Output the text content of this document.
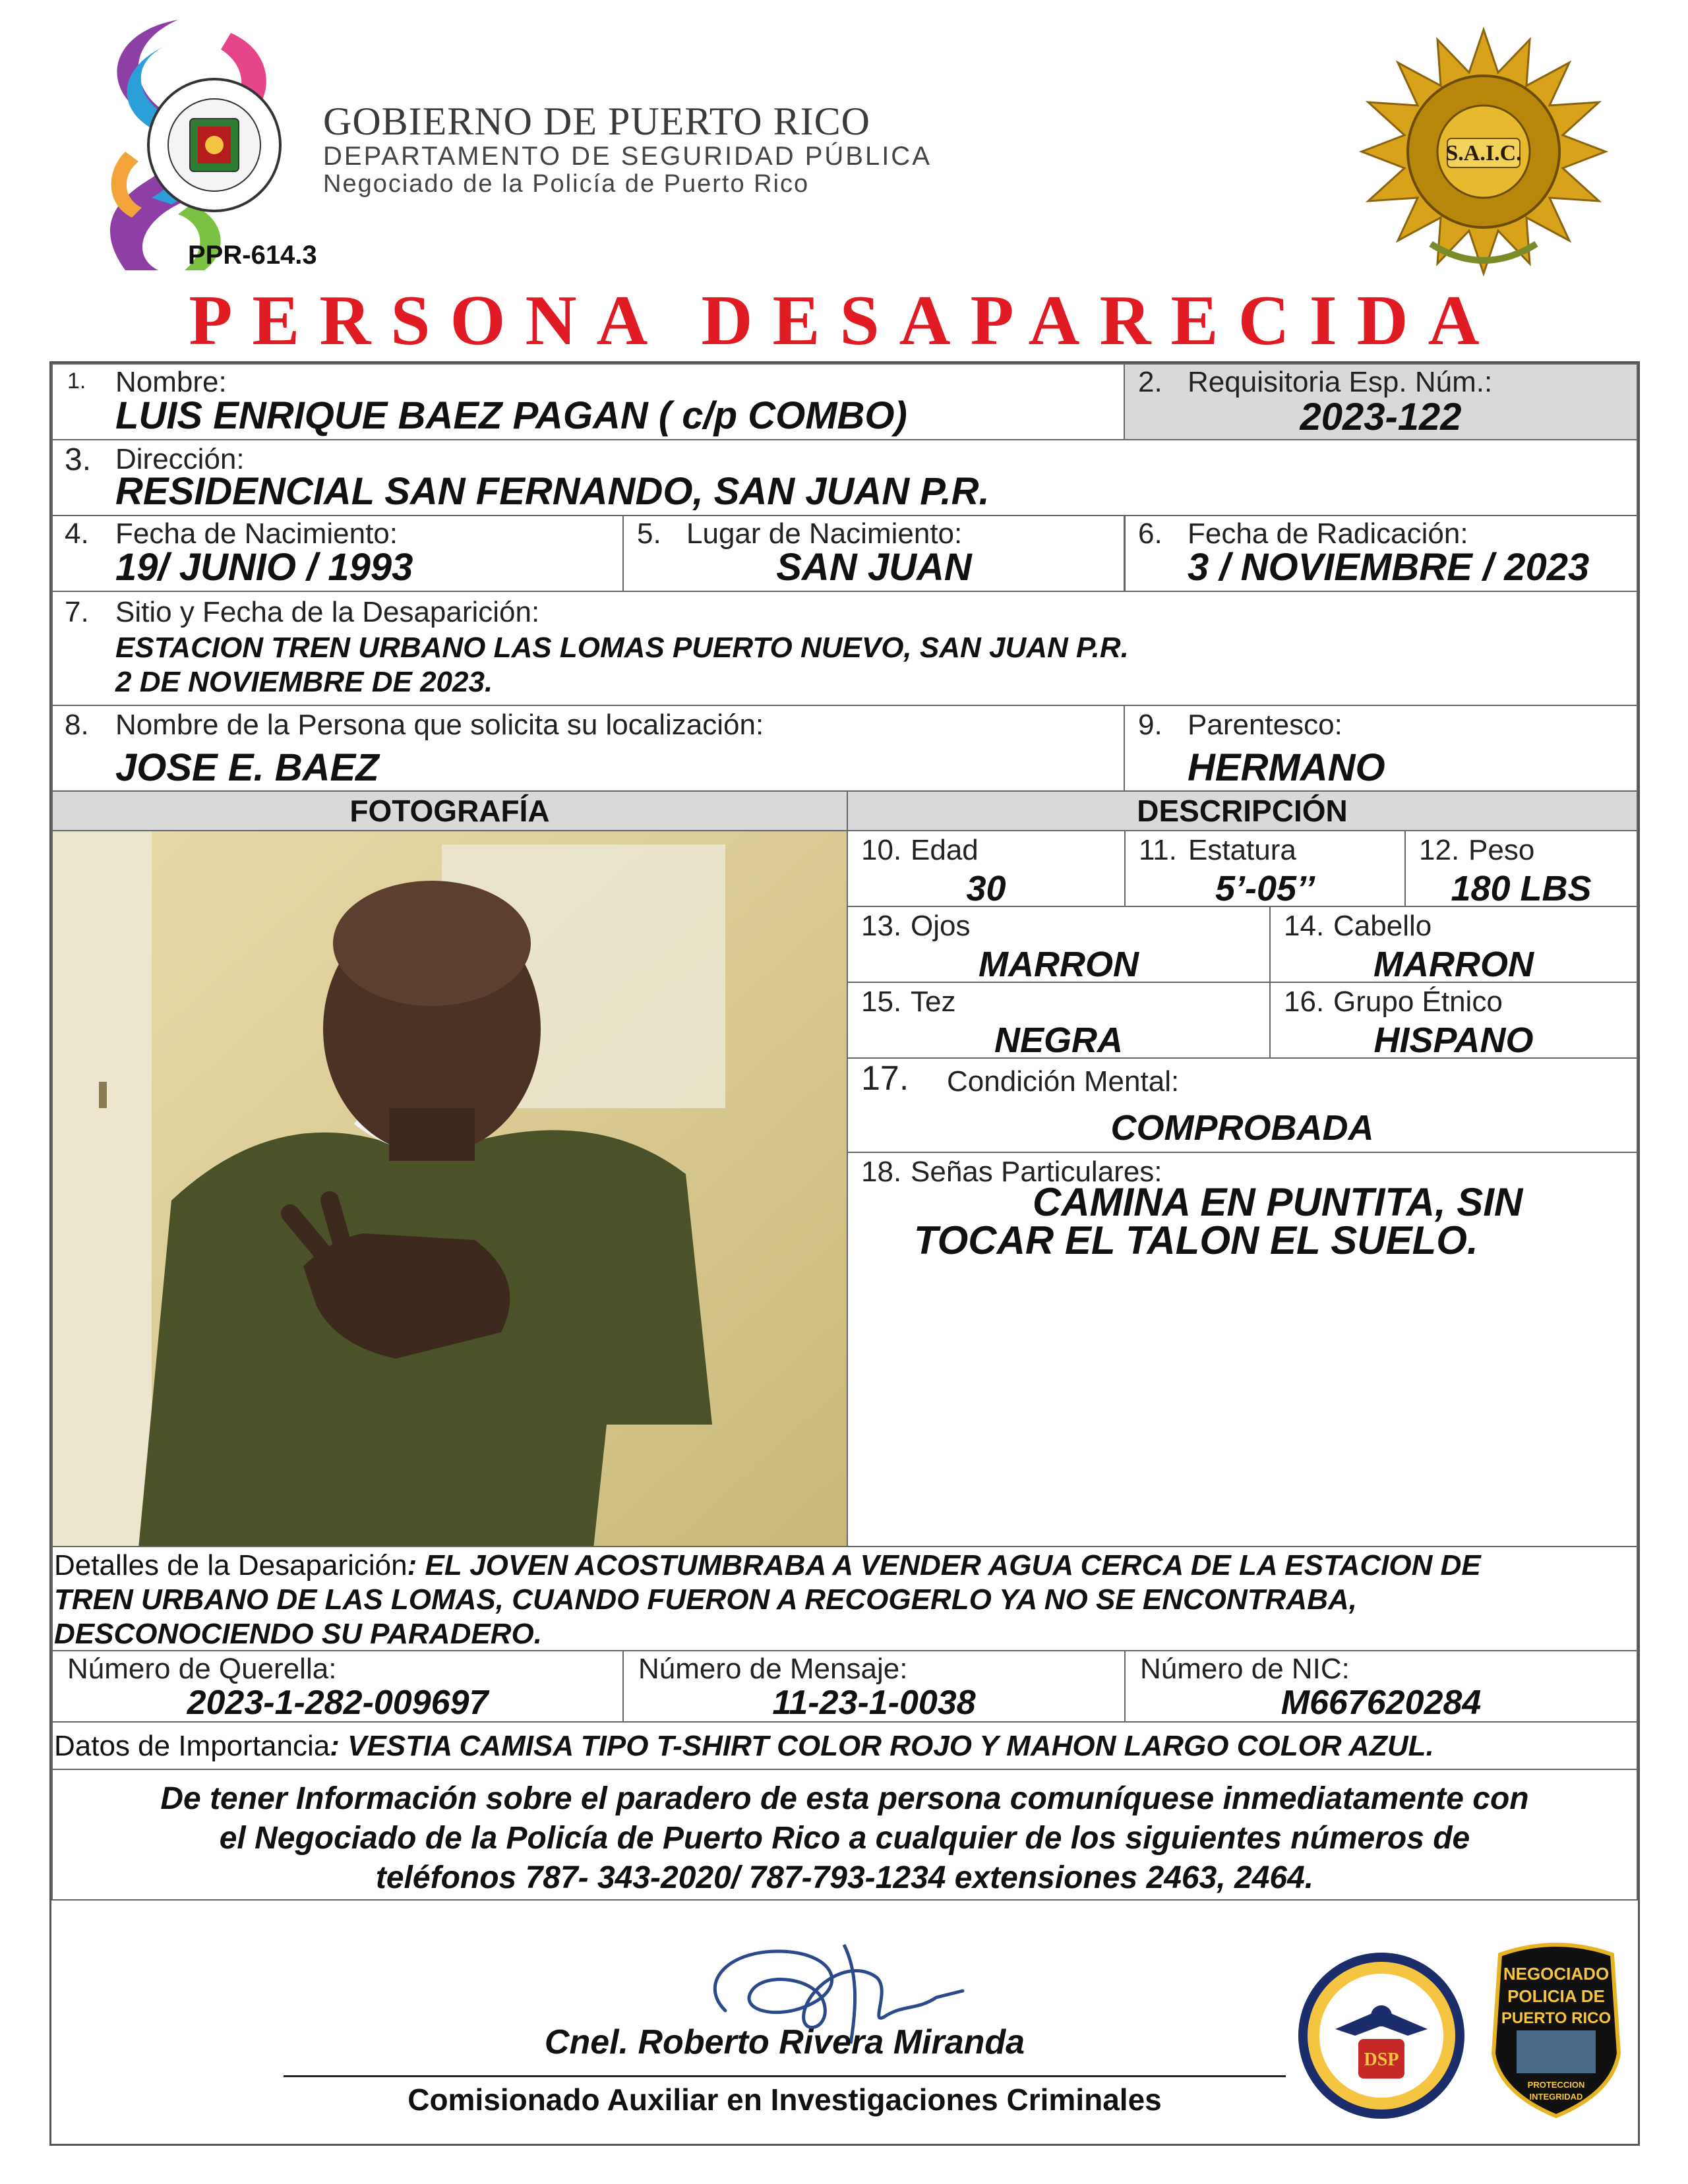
GOBIERNO DE PUERTO RICO
DEPARTAMENTO DE SEGURIDAD PÚBLICA
Negociado de la Policía de Puerto Rico
S.A.I.C.
PPR-614.3
PERSONA DESAPARECIDA
1. Nombre:
LUIS ENRIQUE BAEZ PAGAN ( c/p COMBO)
2. Requisitoria Esp. Núm.:
2023-122
3. Dirección:
RESIDENCIAL SAN FERNANDO, SAN JUAN P.R.
4. Fecha de Nacimiento:
19/ JUNIO / 1993
5. Lugar de Nacimiento:
SAN JUAN
6. Fecha de Radicación:
3 / NOVIEMBRE / 2023
7. Sitio y Fecha de la Desaparición:
ESTACION TREN URBANO LAS LOMAS PUERTO NUEVO, SAN JUAN P.R.
2 DE NOVIEMBRE DE 2023.
8. Nombre de la Persona que solicita su localización:
JOSE E. BAEZ
9. Parentesco:
HERMANO
FOTOGRAFÍA	DESCRIPCIÓN
10. Edad
30
11. Estatura
5’-05’’
12. Peso
180 LBS
13. Ojos
MARRON
14. Cabello
MARRON
15. Tez
NEGRA
16. Grupo Étnico
HISPANO
17. Condición Mental:
COMPROBADA
18. Señas Particulares:
CAMINA EN PUNTITA, SIN
TOCAR EL TALON EL SUELO.
Detalles de la Desaparición: EL JOVEN ACOSTUMBRABA A VENDER AGUA CERCA DE LA ESTACION DE
TREN URBANO DE LAS LOMAS, CUANDO FUERON A RECOGERLO YA NO SE ENCONTRABA,
DESCONOCIENDO SU PARADERO.
Número de Querella:
2023-1-282-009697
Número de Mensaje:
11-23-1-0038
Número de NIC:
M667620284
Datos de Importancia: VESTIA CAMISA TIPO T-SHIRT COLOR ROJO Y MAHON LARGO COLOR AZUL.
De tener Información sobre el paradero de esta persona comuníquese inmediatamente con
el Negociado de la Policía de Puerto Rico a cualquier de los siguientes números de
teléfonos 787- 343-2020/ 787-793-1234 extensiones 2463, 2464.
Cnel. Roberto Rivera Miranda
Comisionado Auxiliar en Investigaciones Criminales
DSP
NEGOCIADO
POLICIA DE
PUERTO RICO
PROTECCION
INTEGRIDAD
